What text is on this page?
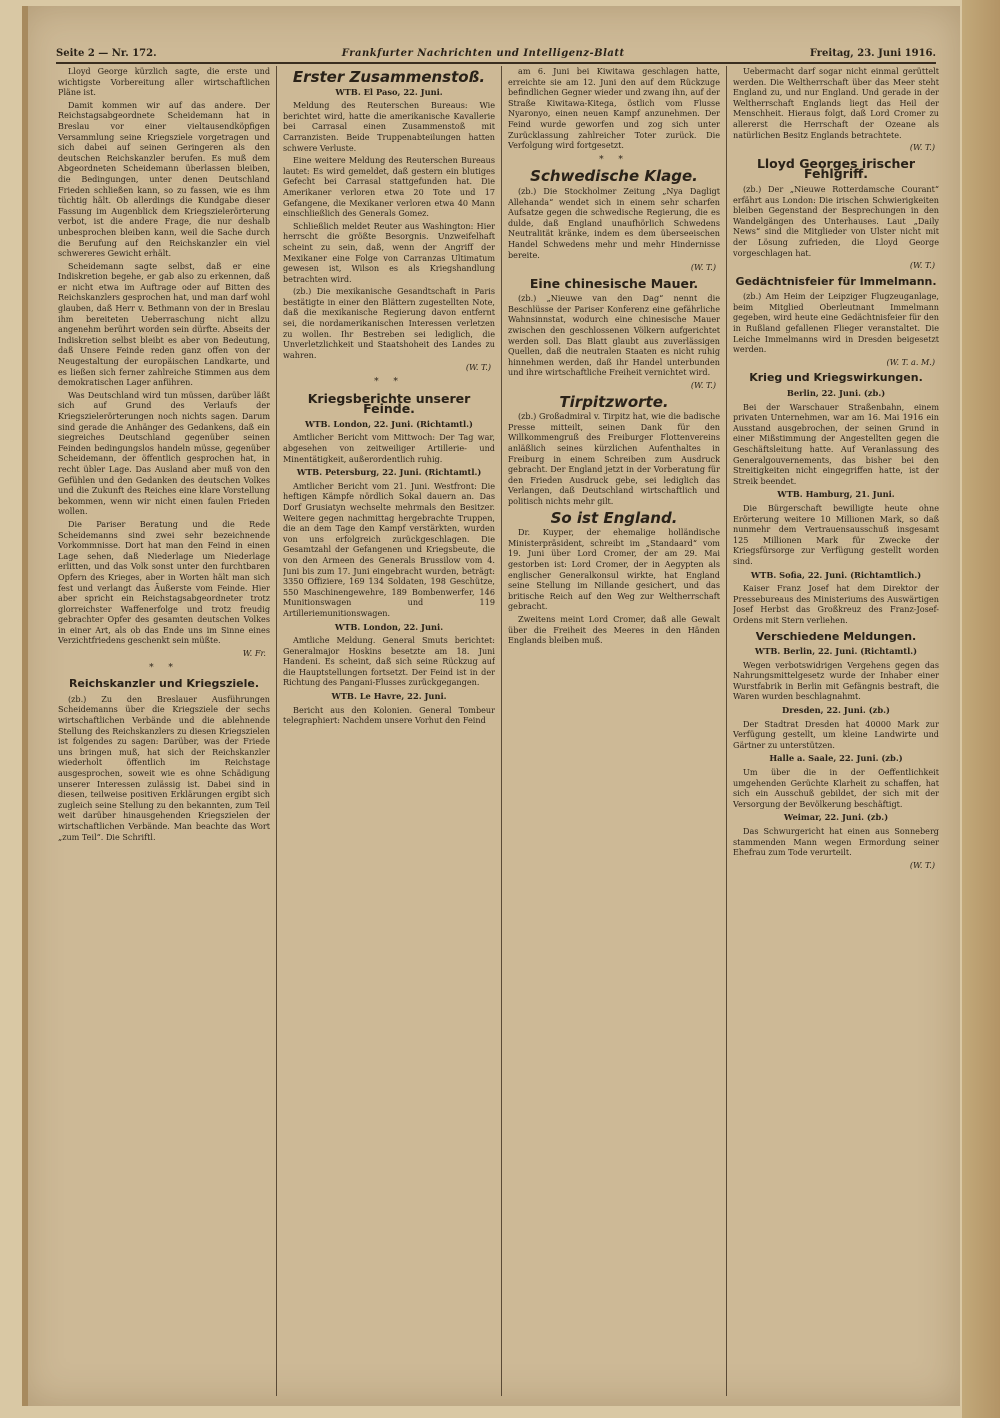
Seite 2 — Nr. 172.	Frankfurter Nachrichten und Intelligenz-Blatt	Freitag, 23. Juni 1916.

Lloyd George kürzlich sagte, die erste und wichtigste Vorbereitung aller wirtschaftlichen Pläne ist.

Damit kommen wir auf das andere. Der Reichstagsabgeordnete Scheidemann hat in Breslau vor einer vieltausendköpfigen Versammlung seine Kriegsziele vorgetragen und sich dabei auf seinen Geringeren als den deutschen Reichskanzler berufen. Es muß dem Abgeordneten Scheidemann überlassen bleiben, die Bedingungen, unter denen Deutschland Frieden schließen kann, so zu fassen, wie es ihm tüchtig hält. Ob allerdings die Kundgabe dieser Fassung im Augenblick dem Kriegszielerörterung verbot, ist die andere Frage, die nur deshalb unbesprochen bleiben kann, weil die Sache durch die Berufung auf den Reichskanzler ein viel schwereres Gewicht erhält.

Scheidemann sagte selbst, daß er eine Indiskretion begehe, er gab also zu erkennen, daß er nicht etwa im Auftrage oder auf Bitten des Reichskanzlers gesprochen hat, und man darf wohl glauben, daß Herr v. Bethmann von der in Breslau ihm bereiteten Ueberraschung nicht allzu angenehm berührt worden sein dürfte. Abseits der Indiskretion selbst bleibt es aber von Bedeutung, daß Unsere Feinde reden ganz offen von der Neugestaltung der europäischen Landkarte, und es ließen sich ferner zahlreiche Stimmen aus dem demokratischen Lager anführen.

Was Deutschland wird tun müssen, darüber läßt sich auf Grund des Verlaufs der Kriegszielerörterungen noch nichts sagen. Darum sind gerade die Anhänger des Gedankens, daß ein siegreiches Deutschland gegenüber seinen Feinden bedingungslos handeln müsse, gegenüber Scheidemann, der öffentlich gesprochen hat, in recht übler Lage. Das Ausland aber muß von den Gefühlen und den Gedanken des deutschen Volkes und die Zukunft des Reiches eine klare Vorstellung bekommen, wenn wir nicht einen faulen Frieden wollen.

Die Pariser Beratung und die Rede Scheidemanns sind zwei sehr bezeichnende Vorkommnisse. Dort hat man den Feind in einen Lage sehen, daß Niederlage um Niederlage erlitten, und das Volk sonst unter den furchtbaren Opfern des Krieges, aber in Worten hält man sich fest und verlangt das Äußerste vom Feinde. Hier aber spricht ein Reichstagsabgeordneter trotz glorreichster Waffenerfolge und trotz freudig gebrachter Opfer des gesamten deutschen Volkes in einer Art, als ob das Ende uns im Sinne eines Verzichtfriedens geschenkt sein müßte.

W. Fr.
* *
Reichskanzler und Kriegsziele.

(zb.) Zu den Breslauer Ausführungen Scheidemanns über die Kriegsziele der sechs wirtschaftlichen Verbände und die ablehnende Stellung des Reichskanzlers zu diesen Kriegszielen ist folgendes zu sagen: Darüber, was der Friede uns bringen muß, hat sich der Reichskanzler wiederholt öffentlich im Reichstage ausgesprochen, soweit wie es ohne Schädigung unserer Interessen zulässig ist. Dabei sind in diesen, teilweise positiven Erklärungen ergibt sich zugleich seine Stellung zu den bekannten, zum Teil weit darüber hinausgehenden Kriegszielen der wirtschaftlichen Verbände. Man beachte das Wort „zum Teil“. Die Schriftl.

Erster Zusammenstoß.
WTB. El Paso, 22. Juni.

Meldung des Reuterschen Bureaus: Wie berichtet wird, hatte die amerikanische Kavallerie bei Carrasal einen Zusammenstoß mit Carranzisten. Beide Truppenabteilungen hatten schwere Verluste.

Eine weitere Meldung des Reuterschen Bureaus lautet: Es wird gemeldet, daß gestern ein blutiges Gefecht bei Carrasal stattgefunden hat. Die Amerikaner verloren etwa 20 Tote und 17 Gefangene, die Mexikaner verloren etwa 40 Mann einschließlich des Generals Gomez.

Schließlich meldet Reuter aus Washington: Hier herrscht die größte Besorgnis. Unzweifelhaft scheint zu sein, daß, wenn der Angriff der Mexikaner eine Folge von Carranzas Ultimatum gewesen ist, Wilson es als Kriegshandlung betrachten wird.

(zb.) Die mexikanische Gesandtschaft in Paris bestätigte in einer den Blättern zugestellten Note, daß die mexikanische Regierung davon entfernt sei, die nordamerikanischen Interessen verletzen zu wollen. Ihr Bestreben sei lediglich, die Unverletzlichkeit und Staatshoheit des Landes zu wahren.

(W. T.)
* *
Kriegsberichte unserer Feinde.
WTB. London, 22. Juni. (Richtamtl.)

Amtlicher Bericht vom Mittwoch: Der Tag war, abgesehen von zeitweiliger Artillerie- und Minentätigkeit, außerordentlich ruhig.

WTB. Petersburg, 22. Juni. (Richtamtl.)

Amtlicher Bericht vom 21. Juni. Westfront: Die heftigen Kämpfe nördlich Sokal dauern an. Das Dorf Grusiatyn wechselte mehrmals den Besitzer. Weitere gegen nachmittag hergebrachte Truppen, die an dem Tage den Kampf verstärkten, wurden von uns erfolgreich zurückgeschlagen. Die Gesamtzahl der Gefangenen und Kriegsbeute, die von den Armeen des Generals Brussilow vom 4. Juni bis zum 17. Juni eingebracht wurden, beträgt: 3350 Offiziere, 169 134 Soldaten, 198 Geschütze, 550 Maschinengewehre, 189 Bombenwerfer, 146 Munitionswagen und 119 Artilleriemunitionswagen.

WTB. London, 22. Juni.

Amtliche Meldung. General Smuts berichtet: Generalmajor Hoskins besetzte am 18. Juni Handeni. Es scheint, daß sich seine Rückzug auf die Hauptstellungen fortsetzt. Der Feind ist in der Richtung des Pangani-Flusses zurückgegangen.

WTB. Le Havre, 22. Juni.

Bericht aus den Kolonien. General Tombeur telegraphiert: Nachdem unsere Vorhut den Feind

am 6. Juni bei Kiwitawa geschlagen hatte, erreichte sie am 12. Juni den auf dem Rückzuge befindlichen Gegner wieder und zwang ihn, auf der Straße Kiwitawa-Kitega, östlich vom Flusse Nyaronyo, einen neuen Kampf anzunehmen. Der Feind wurde geworfen und zog sich unter Zurücklassung zahlreicher Toter zurück. Die Verfolgung wird fortgesetzt.

* *
Schwedische Klage.

(zb.) Die Stockholmer Zeitung „Nya Dagligt Allehanda“ wendet sich in einem sehr scharfen Aufsatze gegen die schwedische Regierung, die es dulde, daß England unaufhörlich Schwedens Neutralität kränke, indem es dem überseeischen Handel Schwedens mehr und mehr Hindernisse bereite.

(W. T.)
Eine chinesische Mauer.

(zb.) „Nieuwe van den Dag“ nennt die Beschlüsse der Pariser Konferenz eine gefährliche Wahnsinnstat, wodurch eine chinesische Mauer zwischen den geschlossenen Völkern aufgerichtet werden soll. Das Blatt glaubt aus zuverlässigen Quellen, daß die neutralen Staaten es nicht ruhig hinnehmen werden, daß ihr Handel unterbunden und ihre wirtschaftliche Freiheit vernichtet wird.

(W. T.)
Tirpitzworte.

(zb.) Großadmiral v. Tirpitz hat, wie die badische Presse mitteilt, seinen Dank für den Willkommengruß des Freiburger Flottenvereins anläßlich seines kürzlichen Aufenthaltes in Freiburg in einem Schreiben zum Ausdruck gebracht. Der England jetzt in der Vorberatung für den Frieden Ausdruck gebe, sei lediglich das Verlangen, daß Deutschland wirtschaftlich und politisch nichts mehr gilt.

So ist England.

Dr. Kuyper, der ehemalige holländische Ministerpräsident, schreibt im „Standaard“ vom 19. Juni über Lord Cromer, der am 29. Mai gestorben ist: Lord Cromer, der in Aegypten als englischer Generalkonsul wirkte, hat England seine Stellung im Nillande gesichert, und das britische Reich auf den Weg zur Weltherrschaft gebracht.

Zweitens meint Lord Cromer, daß alle Gewalt über die Freiheit des Meeres in den Händen Englands bleiben muß.

Uebermacht darf sogar nicht einmal gerüttelt werden. Die Weltherrschaft über das Meer steht England zu, und nur England. Und gerade in der Weltherrschaft Englands liegt das Heil der Menschheit. Hieraus folgt, daß Lord Cromer zu allererst die Herrschaft der Ozeane als natürlichen Besitz Englands betrachtete.

(W. T.)
Lloyd Georges irischer Fehlgriff.

(zb.) Der „Nieuwe Rotterdamsche Courant“ erfährt aus London: Die irischen Schwierigkeiten bleiben Gegenstand der Besprechungen in den Wandelgängen des Unterhauses. Laut „Daily News“ sind die Mitglieder von Ulster nicht mit der Lösung zufrieden, die Lloyd George vorgeschlagen hat.

(W. T.)
Gedächtnisfeier für Immelmann.

(zb.) Am Heim der Leipziger Flugzeuganlage, beim Mitglied Oberleutnant Immelmann gegeben, wird heute eine Gedächtnisfeier für den in Rußland gefallenen Flieger veranstaltet. Die Leiche Immelmanns wird in Dresden beigesetzt werden.

(W. T. a. M.)
Krieg und Kriegswirkungen.
Berlin, 22. Juni. (zb.)

Bei der Warschauer Straßenbahn, einem privaten Unternehmen, war am 16. Mai 1916 ein Ausstand ausgebrochen, der seinen Grund in einer Mißstimmung der Angestellten gegen die Geschäftsleitung hatte. Auf Veranlassung des Generalgouvernements, das bisher bei den Streitigkeiten nicht eingegriffen hatte, ist der Streik beendet.

WTB. Hamburg, 21. Juni.

Die Bürgerschaft bewilligte heute ohne Erörterung weitere 10 Millionen Mark, so daß nunmehr dem Vertrauensausschuß insgesamt 125 Millionen Mark für Zwecke der Kriegsfürsorge zur Verfügung gestellt worden sind.

WTB. Sofia, 22. Juni. (Richtamtlich.)

Kaiser Franz Josef hat dem Direktor der Pressebureaus des Ministeriums des Auswärtigen Josef Herbst das Großkreuz des Franz-Josef-Ordens mit Stern verliehen.

Verschiedene Meldungen.
WTB. Berlin, 22. Juni. (Richtamtl.)

Wegen verbotswidrigen Vergehens gegen das Nahrungsmittelgesetz wurde der Inhaber einer Wurstfabrik in Berlin mit Gefängnis bestraft, die Waren wurden beschlagnahmt.

Dresden, 22. Juni. (zb.)

Der Stadtrat Dresden hat 40000 Mark zur Verfügung gestellt, um kleine Landwirte und Gärtner zu unterstützen.

Halle a. Saale, 22. Juni. (zb.)

Um über die in der Oeffentlichkeit umgehenden Gerüchte Klarheit zu schaffen, hat sich ein Ausschuß gebildet, der sich mit der Versorgung der Bevölkerung beschäftigt.

Weimar, 22. Juni. (zb.)

Das Schwurgericht hat einen aus Sonneberg stammenden Mann wegen Ermordung seiner Ehefrau zum Tode verurteilt.

(W. T.)
